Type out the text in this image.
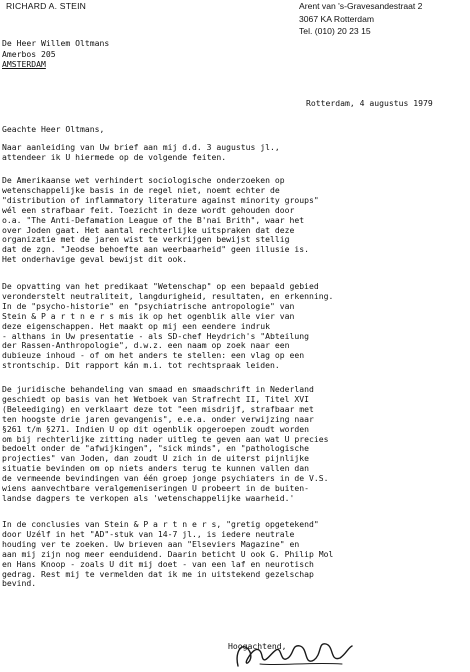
RICHARD A. STEIN	Arent van 's-Gravesandestraat 2
3067 KA Rotterdam
Tel. (010) 20 23 15
De Heer Willem Oltmans
Amerbos 205
AMSTERDAM
Rotterdam, 4 augustus 1979
Geachte Heer Oltmans,
Naar aanleiding van Uw brief aan mij d.d. 3 augustus jl.,
attendeer ik U hiermede op de volgende feiten.
De Amerikaanse wet verhindert sociologische onderzoeken op
wetenschappelijke basis in de regel niet, noemt echter de
"distribution of inflammatory literature against minority groups"
wél een strafbaar feit. Toezicht in deze wordt gehouden door
o.a. "The Anti-Defamation League of the B'nai Brith", waar het
over Joden gaat. Het aantal rechterlijke uitspraken dat deze
organizatie met de jaren wist te verkrijgen bewijst stellig
dat de zgn. "Jeodse behoefte aan weerbaarheid" geen illusie is.
Het onderhavige geval bewijst dit ook.
De opvatting van het predikaat "Wetenschap" op een bepaald gebied
veronderstelt neutraliteit, langdurigheid, resultaten, en erkenning.
In de "psycho-historie" en "psychiatrische antropologie" van
Stein & P a r t n e r s mis ik op het ogenblik alle vier van
deze eigenschappen. Het maakt op mij een eendere indruk
- althans in Uw presentatie - als SD-chef Heydrich's "Abteilung
der Rassen-Anthropologie", d.w.z. een naam op zoek naar een
dubieuze inhoud - of om het anders te stellen: een vlag op een
strontschip. Dit rapport kán m.i. tot rechtspraak leiden.
De juridische behandeling van smaad en smaadschrift in Nederland
geschiedt op basis van het Wetboek van Strafrecht II, Titel XVI
(Beleediging) en verklaart deze tot "een misdrijf, strafbaar met
ten hoogste drie jaren gevangenis", e.e.a. onder verwijzing naar
§261 t/m §271. Indien U op dit ogenblik opgeroepen zoudt worden
om bij rechterlijke zitting nader uitleg te geven aan wat U precies
bedoelt onder de "afwijkingen", "sick minds", en "pathologische
projecties" van Joden, dan zoudt U zich in de uiterst pijnlijke
situatie bevinden om op niets anders terug te kunnen vallen dan
de vermeende bevindingen van één groep jonge psychiaters in de V.S.
wiens aanvechtbare veralgemeniseringen U probeert in de buiten-
landse dagpers te verkopen als 'wetenschappelijke waarheid.'
In de conclusies van Stein & P a r t n e r s, "gretig opgetekend"
door Uzélf in het "AD"-stuk van 14-7 jl., is iedere neutrale
houding ver te zoeken. Uw brieven aan "Elseviers Magazine" en
aan mij zijn nog meer eenduidend. Daarin beticht U ook G. Philip Mol
en Hans Knoop - zoals U dit mij doet - van een laf en neurotisch
gedrag. Rest mij te vermelden dat ik me in uitstekend gezelschap
bevind.
Hoogachtend,
